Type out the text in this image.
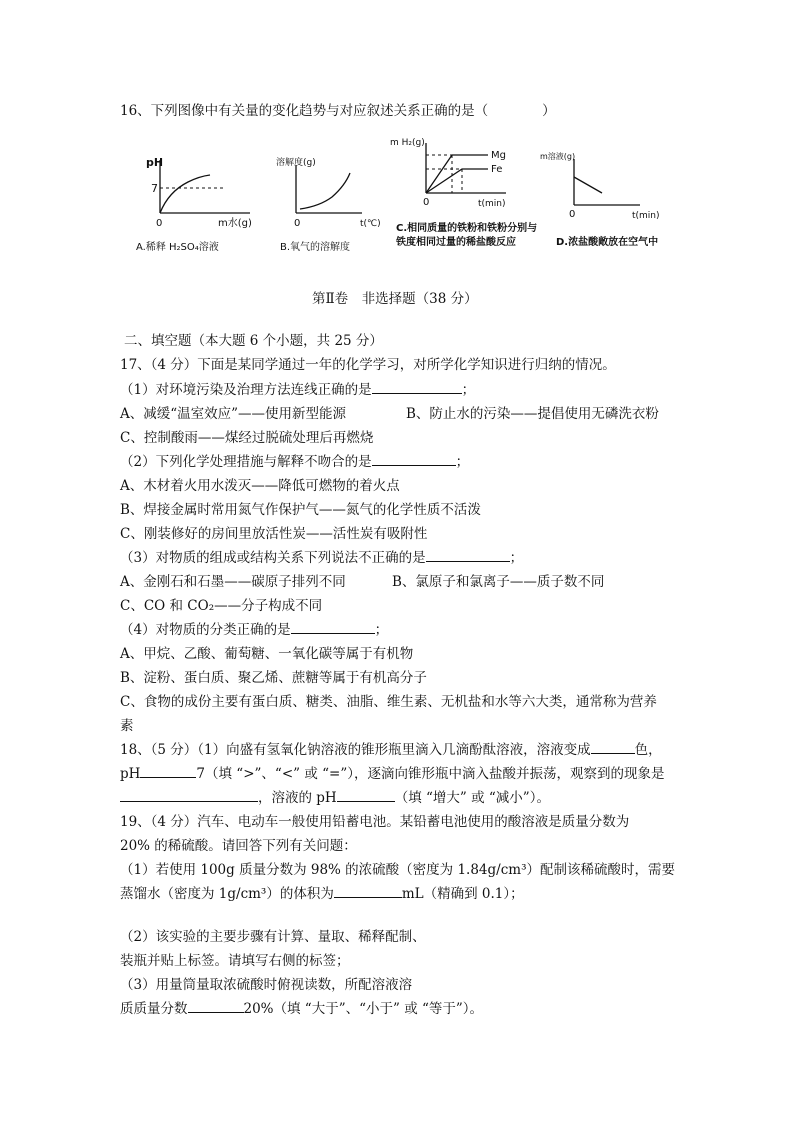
16、下列图像中有关量的变化趋势与对应叙述关系正确的是（　　　　）
pH
7
0	m水(g)
A.稀释 H₂SO₄溶液
溶解度(g)
0	t(℃)
B.氧气的溶解度
m H₂(g)
Mg
Fe
0	t(min)
C.相同质量的铁粉和铁粉分别与
铁度相同过量的稀盐酸反应
m溶液(g)
0	t(min)
D.浓盐酸敞放在空气中
第Ⅱ卷　非选择题（38 分）
二、填空题（本大题 6 个小题，共 25 分）
17、（4 分）下面是某同学通过一年的化学学习，对所学化学知识进行归纳的情况。
（1）对环境污染及治理方法连线正确的是	；
A、减缓“温室效应”——使用新型能源	B、防止水的污染——提倡使用无磷洗衣粉
C、控制酸雨——煤经过脱硫处理后再燃烧
（2）下列化学处理措施与解释不吻合的是	；
A、木材着火用水泼灭——降低可燃物的着火点
B、焊接金属时常用氮气作保护气——氮气的化学性质不活泼
C、刚装修好的房间里放活性炭——活性炭有吸附性
（3）对物质的组成或结构关系下列说法不正确的是	；
A、金刚石和石墨——碳原子排列不同	B、氯原子和氯离子——质子数不同
C、CO 和 CO₂——分子构成不同
（4）对物质的分类正确的是	；
A、甲烷、乙酸、葡萄糖、一氧化碳等属于有机物
B、淀粉、蛋白质、聚乙烯、蔗糖等属于有机高分子
C、食物的成份主要有蛋白质、糖类、油脂、维生素、无机盐和水等六大类，通常称为营养
素
18、（5 分）（1）向盛有氢氧化钠溶液的锥形瓶里滴入几滴酚酞溶液，溶液变成	色，
pH	7（填 “>”、“<” 或 “=”），逐滴向锥形瓶中滴入盐酸并振荡，观察到的现象是
，溶液的 pH	（填 “增大” 或 “减小”）。
19、（4 分）汽车、电动车一般使用铅蓄电池。某铅蓄电池使用的酸溶液是质量分数为
20% 的稀硫酸。请回答下列有关问题：
（1）若使用 100g 质量分数为 98% 的浓硫酸（密度为 1.84g/cm³）配制该稀硫酸时，需要
蒸馏水（密度为 1g/cm³）的体积为	mL（精确到 0.1）；
（2）该实验的主要步骤有计算、量取、稀释配制、
装瓶并贴上标签。请填写右侧的标签；
（3）用量筒量取浓硫酸时俯视读数，所配溶液溶
质质量分数	20%（填 “大于”、“小于” 或 “等于”）。
